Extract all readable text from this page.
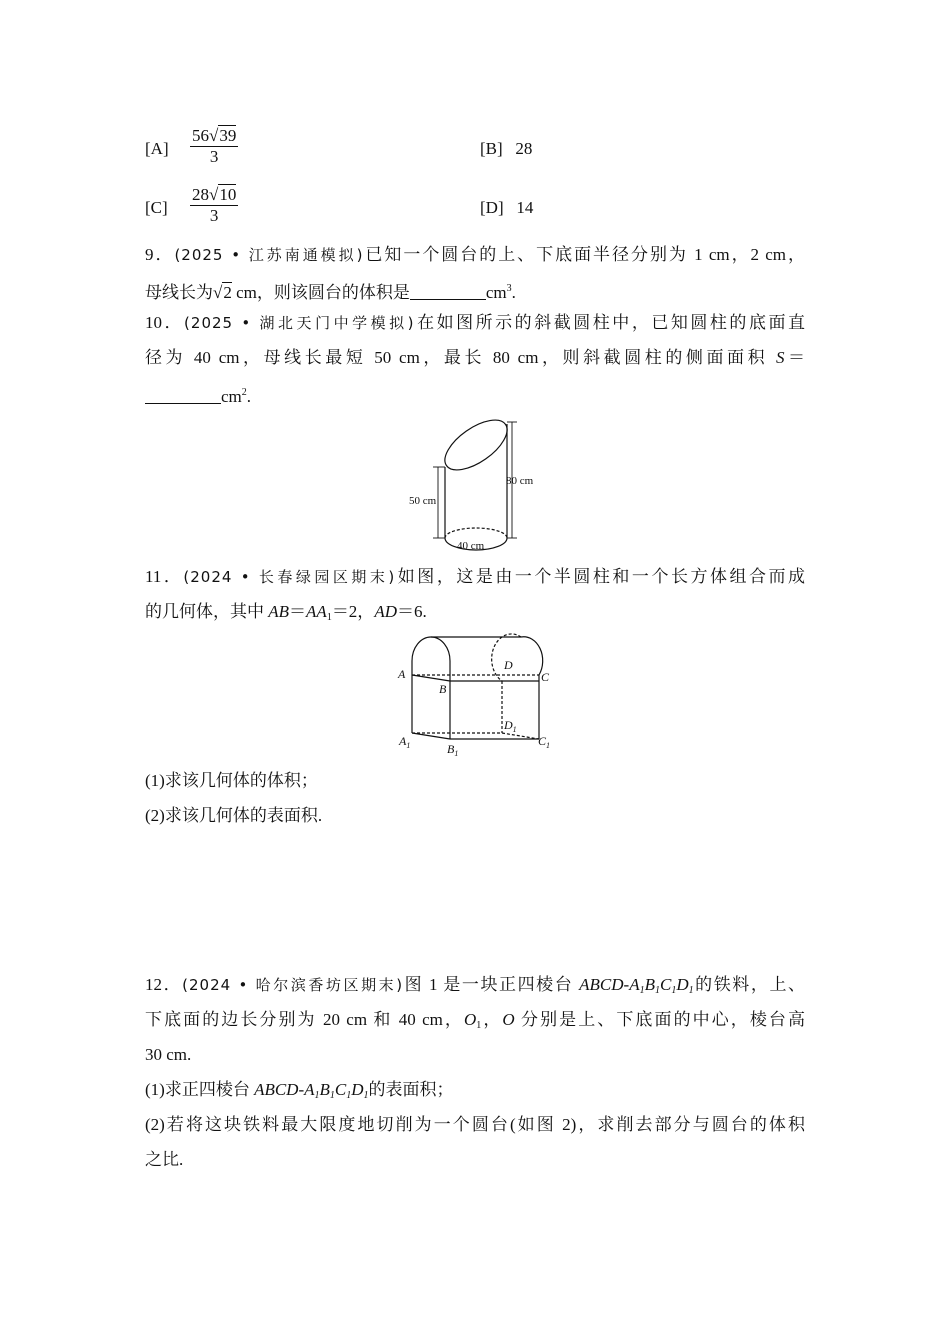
$[A] \frac{56√39}{3}$	[B] 28
$[C] \frac{28√10}{3}$	[D] 14
9．(2025 • 江苏南通模拟)已知一个圆台的上、下底面半径分别为 1 cm，2 cm，
母线长为√2 cm，则该圆台的体积是	$cm^3$.
10．(2025 • 湖北天门中学模拟)在如图所示的斜截圆柱中，已知圆柱的底面直
径为 40 cm，母线长最短 50 cm，最长 80 cm，则斜截圆柱的侧面面积 S＝
$cm^2$.
50 cm
80 cm
40 cm
11．(2024 • 长春绿园区期末)如图，这是由一个半圆柱和一个长方体组合而成
的几何体，其中 $AB=AA_1=2$，AD＝6.
A
B
C
D
$D_1$
$A_1$	$B_1$
$C_1$
(1)求该几何体的体积；
(2)求该几何体的表面积.
12．(2024 • 哈尔滨香坊区期末)图 1 是一块正四棱台 ABCD-$A_1B_1C_1D_1$的铁料，上、
下底面的边长分别为 20 cm 和 40 cm，$O_1$，O 分别是上、下底面的中心，棱台高
30 cm.
(1)求正四棱台 ABCD-$A_1B_1C_1D_1$的表面积；
(2)若将这块铁料最大限度地切削为一个圆台(如图 2)，求削去部分与圆台的体积
之比.
